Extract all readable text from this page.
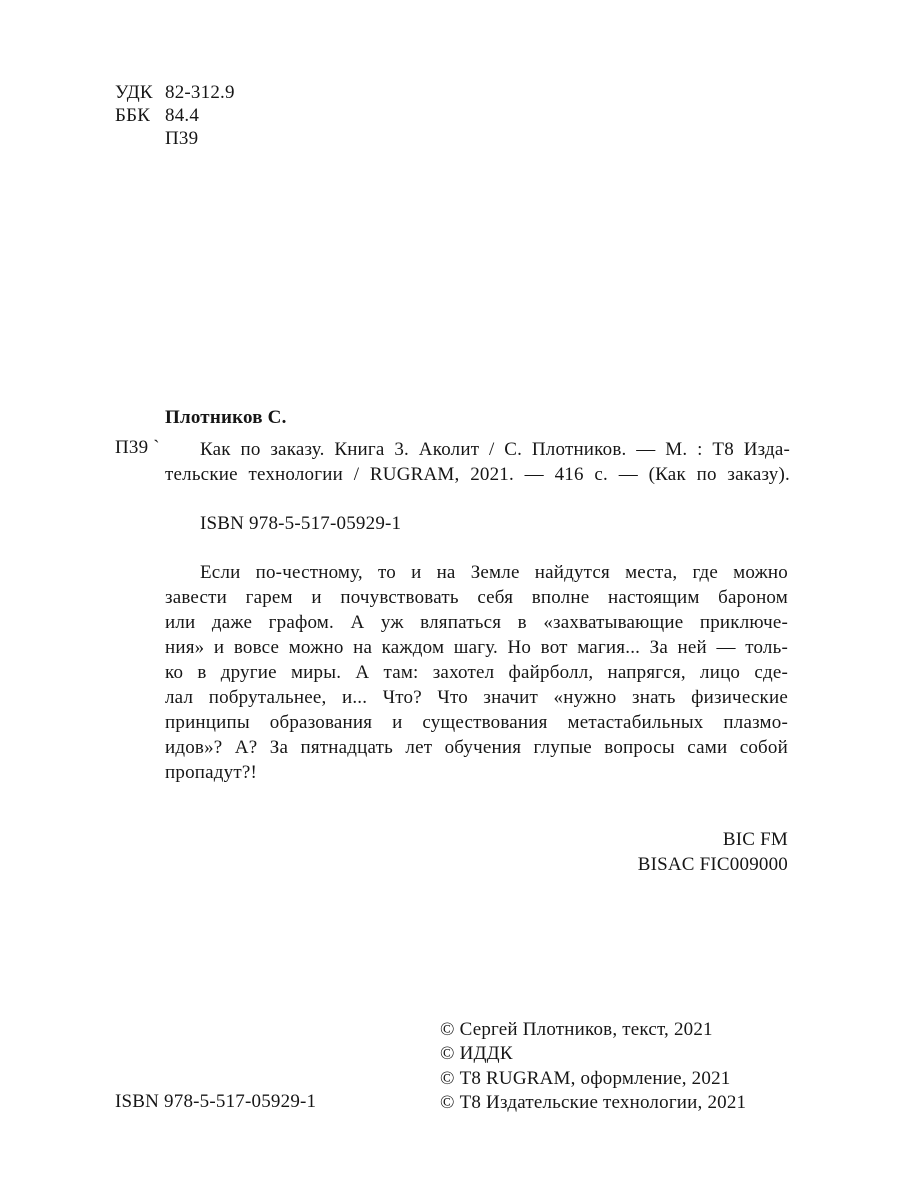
УДК 82-312.9
ББК 84.4
П39
Плотников С.
П39 `	Как по заказу. Книга 3. Аколит / С. Плотников. — М. : Т8 Изда-
тельские технологии / RUGRAM, 2021. — 416 с. — (Как по заказу).
ISBN 978-5-517-05929-1
Если по-честному, то и на Земле найдутся места, где можно
завести гарем и почувствовать себя вполне настоящим бароном
или даже графом. А уж вляпаться в «захватывающие приключе-
ния» и вовсе можно на каждом шагу. Но вот магия... За ней — толь-
ко в другие миры. А там: захотел файрболл, напрягся, лицо сде-
лал побрутальнее, и... Что? Что значит «нужно знать физические
принципы образования и существования метастабильных плазмо-
идов»? А? За пятнадцать лет обучения глупые вопросы сами собой
пропадут?!
BIC FM
BISAC FIC009000
© Сергей Плотников, текст, 2021
© ИДДК
© Т8 RUGRAM, оформление, 2021
© Т8 Издательские технологии, 2021
ISBN 978-5-517-05929-1
